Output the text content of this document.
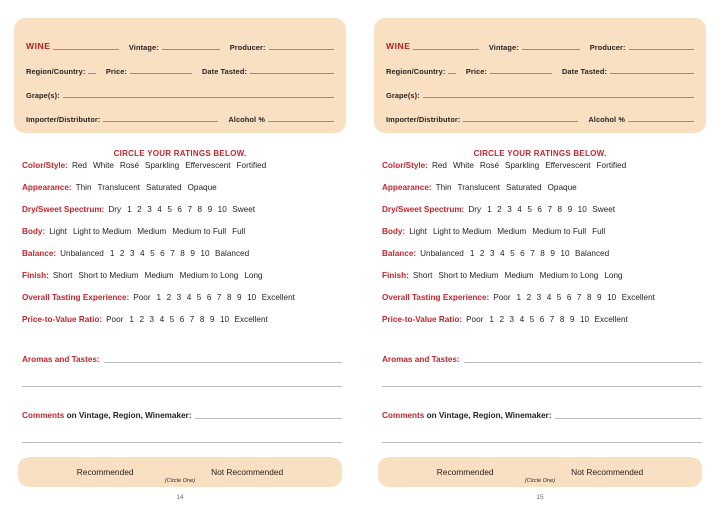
WINE	Vintage:	Producer:
Region/Country:	Price:	Date Tasted:
Grape(s):
Importer/Distributor:	Alcohol %
CIRCLE YOUR RATINGS BELOW.
Color/Style: Red White Rosé Sparkling Effervescent Fortified
Appearance: Thin Translucent Saturated Opaque
Dry/Sweet Spectrum: Dry 1 2 3 4 5 6 7 8 9 10 Sweet
Body: Light Light to Medium Medium Medium to Full Full
Balance: Unbalanced 1 2 3 4 5 6 7 8 9 10 Balanced
Finish: Short Short to Medium Medium Medium to Long Long
Overall Tasting Experience: Poor 1 2 3 4 5 6 7 8 9 10 Excellent
Price-to-Value Ratio: Poor 1 2 3 4 5 6 7 8 9 10 Excellent
Aromas and Tastes:
Comments on Vintage, Region, Winemaker:
Recommended	Not Recommended
(Circle One)
14
WINE	Vintage:	Producer:
Region/Country:	Price:	Date Tasted:
Grape(s):
Importer/Distributor:	Alcohol %
CIRCLE YOUR RATINGS BELOW.
Color/Style: Red White Rosé Sparkling Effervescent Fortified
Appearance: Thin Translucent Saturated Opaque
Dry/Sweet Spectrum: Dry 1 2 3 4 5 6 7 8 9 10 Sweet
Body: Light Light to Medium Medium Medium to Full Full
Balance: Unbalanced 1 2 3 4 5 6 7 8 9 10 Balanced
Finish: Short Short to Medium Medium Medium to Long Long
Overall Tasting Experience: Poor 1 2 3 4 5 6 7 8 9 10 Excellent
Price-to-Value Ratio: Poor 1 2 3 4 5 6 7 8 9 10 Excellent
Aromas and Tastes:
Comments on Vintage, Region, Winemaker:
Recommended	Not Recommended
(Circle One)
15
